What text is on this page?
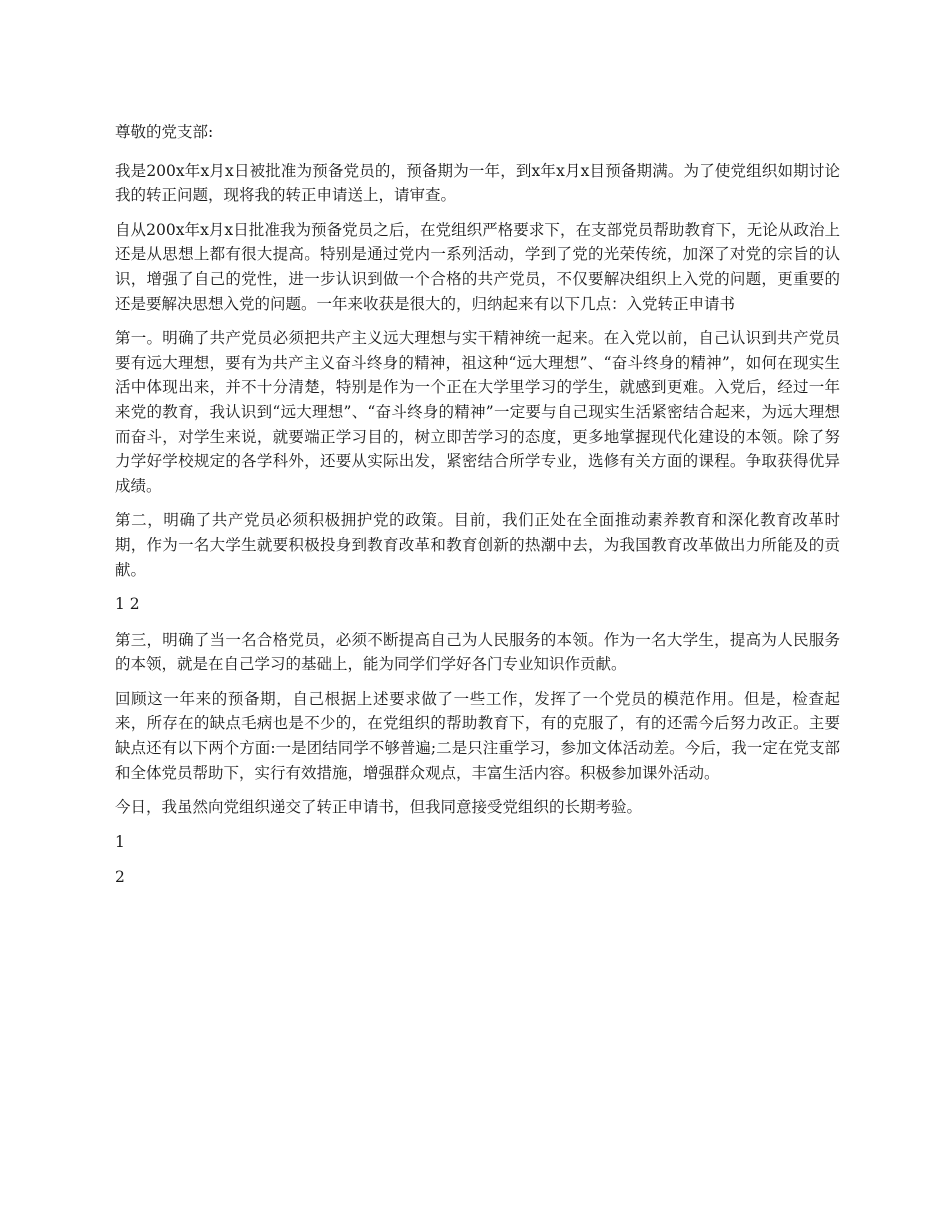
尊敬的党支部:

我是200x年x月x日被批准为预备党员的，预备期为一年，到x年x月x目预备期满。为了使党组织如期讨论我的转正问题，现将我的转正申请送上，请审查。

自从200x年x月x日批准我为预备党员之后，在党组织严格要求下，在支部党员帮助教育下，无论从政治上还是从思想上都有很大提高。特别是通过党内一系列活动，学到了党的光荣传统，加深了对党的宗旨的认识，增强了自己的党性，进一步认识到做一个合格的共产党员，不仅要解决组织上入党的问题，更重要的还是要解决思想入党的问题。一年来收获是很大的，归纳起来有以下几点：入党转正申请书

第一。明确了共产党员必须把共产主义远大理想与实干精神统一起来。在入党以前，自己认识到共产党员要有远大理想，要有为共产主义奋斗终身的精神，祖这种“远大理想”、“奋斗终身的精神”，如何在现实生活中体现出来，并不十分清楚，特别是作为一个正在大学里学习的学生，就感到更难。入党后，经过一年来党的教育，我认识到“远大理想”、“奋斗终身的精神”一定要与自己现实生活紧密结合起来，为远大理想而奋斗，对学生来说，就要端正学习目的，树立即苦学习的态度，更多地掌握现代化建设的本领。除了努力学好学校规定的各学科外，还要从实际出发，紧密结合所学专业，选修有关方面的课程。争取获得优异成绩。

第二，明确了共产党员必须积极拥护党的政策。目前，我们正处在全面推动素养教育和深化教育改革时期，作为一名大学生就要积极投身到教育改革和教育创新的热潮中去，为我国教育改革做出力所能及的贡献。

1 2

第三，明确了当一名合格党员，必须不断提高自己为人民服务的本领。作为一名大学生，提高为人民服务的本领，就是在自己学习的基础上，能为同学们学好各门专业知识作贡献。

回顾这一年来的预备期，自己根据上述要求做了一些工作，发挥了一个党员的模范作用。但是，检查起来，所存在的缺点毛病也是不少的，在党组织的帮助教育下，有的克服了，有的还需今后努力改正。主要缺点还有以下两个方面:一是团结同学不够普遍;二是只注重学习，参加文体活动差。今后，我一定在党支部和全体党员帮助下，实行有效措施，增强群众观点，丰富生活内容。积极参加课外活动。

今日，我虽然向党组织递交了转正申请书，但我同意接受党组织的长期考验。

1

2
